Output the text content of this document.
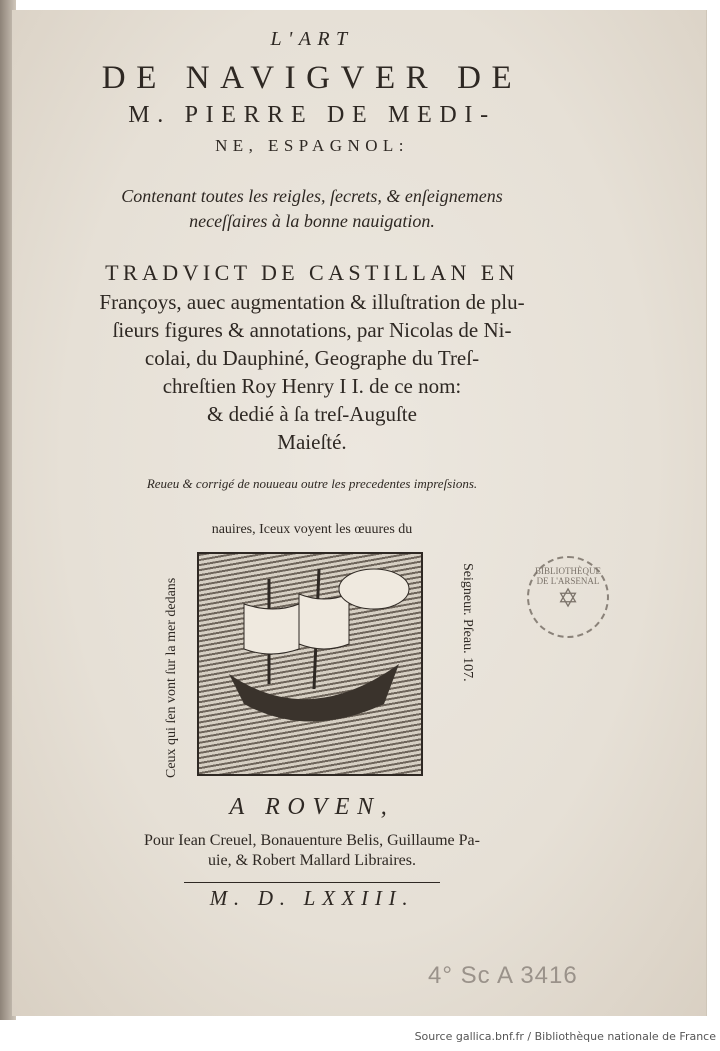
L'ART
DE NAVIGVER DE
M. PIERRE DE MEDI-
NE, ESPAGNOL:
Contenant toutes les reigles, ſecrets, & enſeignemens
neceſſaires à la bonne nauigation.
TRADVICT DE CASTILLAN EN
Françoys, auec augmentation & illuſtration de plu-
ſieurs figures & annotations, par Nicolas de Ni-
colai, du Dauphiné, Geographe du Treſ-
chreſtien Roy Henry I I. de ce nom:
& dedié à ſa treſ-Auguſte
Maieſté.
Reueu & corrigé de nouueau outre les precedentes impreſsions.
nauires, Iceux voyent les œuures du
Ceux qui ſen vont ſur la mer dedans	Seigneur. Pſeau. 107.	BIBLIOTHÈQUE DE L'ARSENAL
✡
A ROVEN,
Pour Iean Creuel, Bonauenture Belis, Guillaume Pa-
uie, & Robert Mallard Libraires.
M. D. LXXIII.
4° Sc A 3416
Source gallica.bnf.fr / Bibliothèque nationale de France
